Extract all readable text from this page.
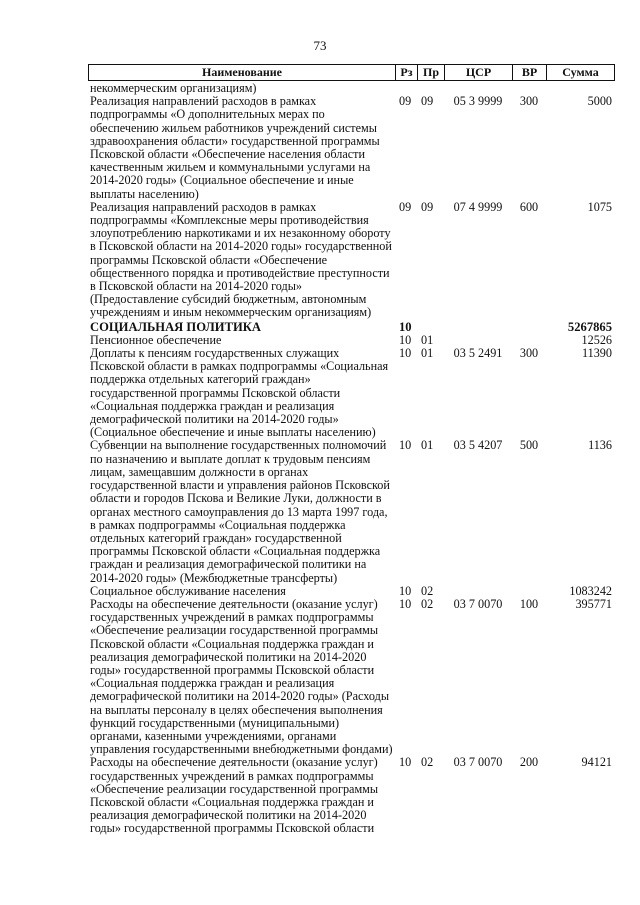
73
Наименование	Рз Пр	ЦСР	ВР	Сумма
некоммерческим организациям)
Реализация направлений расходов в рамках подпрограммы «О дополнительных мерах по обеспечению жильем работников учреждений системы здравоохранения области» государственной программы Псковской области «Обеспечение населения области качественным жильем и коммунальными услугами на 2014-2020 годы» (Социальное обеспечение и иные выплаты населению)
09 09	05 3 9999	300	5000
Реализация направлений расходов в рамках подпрограммы «Комплексные меры противодействия злоупотреблению наркотиками и их незаконному обороту в Псковской области на 2014-2020 годы» государственной программы Псковской области «Обеспечение общественного порядка и противодействие преступности в Псковской области на 2014-2020 годы» (Предоставление субсидий бюджетным, автономным учреждениям и иным некоммерческим организациям)
09 09	07 4 9999	600	1075
СОЦИАЛЬНАЯ ПОЛИТИКА	10	5267865
Пенсионное обеспечение	10 01	12526
Доплаты к пенсиям государственных служащих Псковской области в рамках подпрограммы «Социальная поддержка отдельных категорий граждан» государственной программы Псковской области «Социальная поддержка граждан и реализация демографической политики на 2014-2020 годы» (Социальное обеспечение и иные выплаты населению)
10 01	03 5 2491	300	11390
Субвенции на выполнение государственных полномочий по назначению и выплате доплат к трудовым пенсиям лицам, замещавшим должности в органах государственной власти и управления районов Псковской области и городов Пскова и Великие Луки, должности в органах местного самоуправления до 13 марта 1997 года, в рамках подпрограммы «Социальная поддержка отдельных категорий граждан» государственной программы Псковской области «Социальная поддержка граждан и реализация демографической политики на 2014-2020 годы» (Межбюджетные трансферты)
10 01	03 5 4207	500	1136
Социальное обслуживание населения	10 02	1083242
Расходы на обеспечение деятельности (оказание услуг) государственных учреждений в рамках подпрограммы «Обеспечение реализации государственной программы Псковской области «Социальная поддержка граждан и реализация демографической политики на 2014-2020 годы» государственной программы Псковской области «Социальная поддержка граждан и реализация демографической политики на 2014-2020 годы» (Расходы на выплаты персоналу в целях обеспечения выполнения функций государственными (муниципальными) органами, казенными учреждениями, органами управления государственными внебюджетными фондами)
10 02	03 7 0070	100	395771
Расходы на обеспечение деятельности (оказание услуг) государственных учреждений в рамках подпрограммы «Обеспечение реализации государственной программы Псковской области «Социальная поддержка граждан и реализация демографической политики на 2014-2020 годы» государственной программы Псковской области
10 02	03 7 0070	200	94121
